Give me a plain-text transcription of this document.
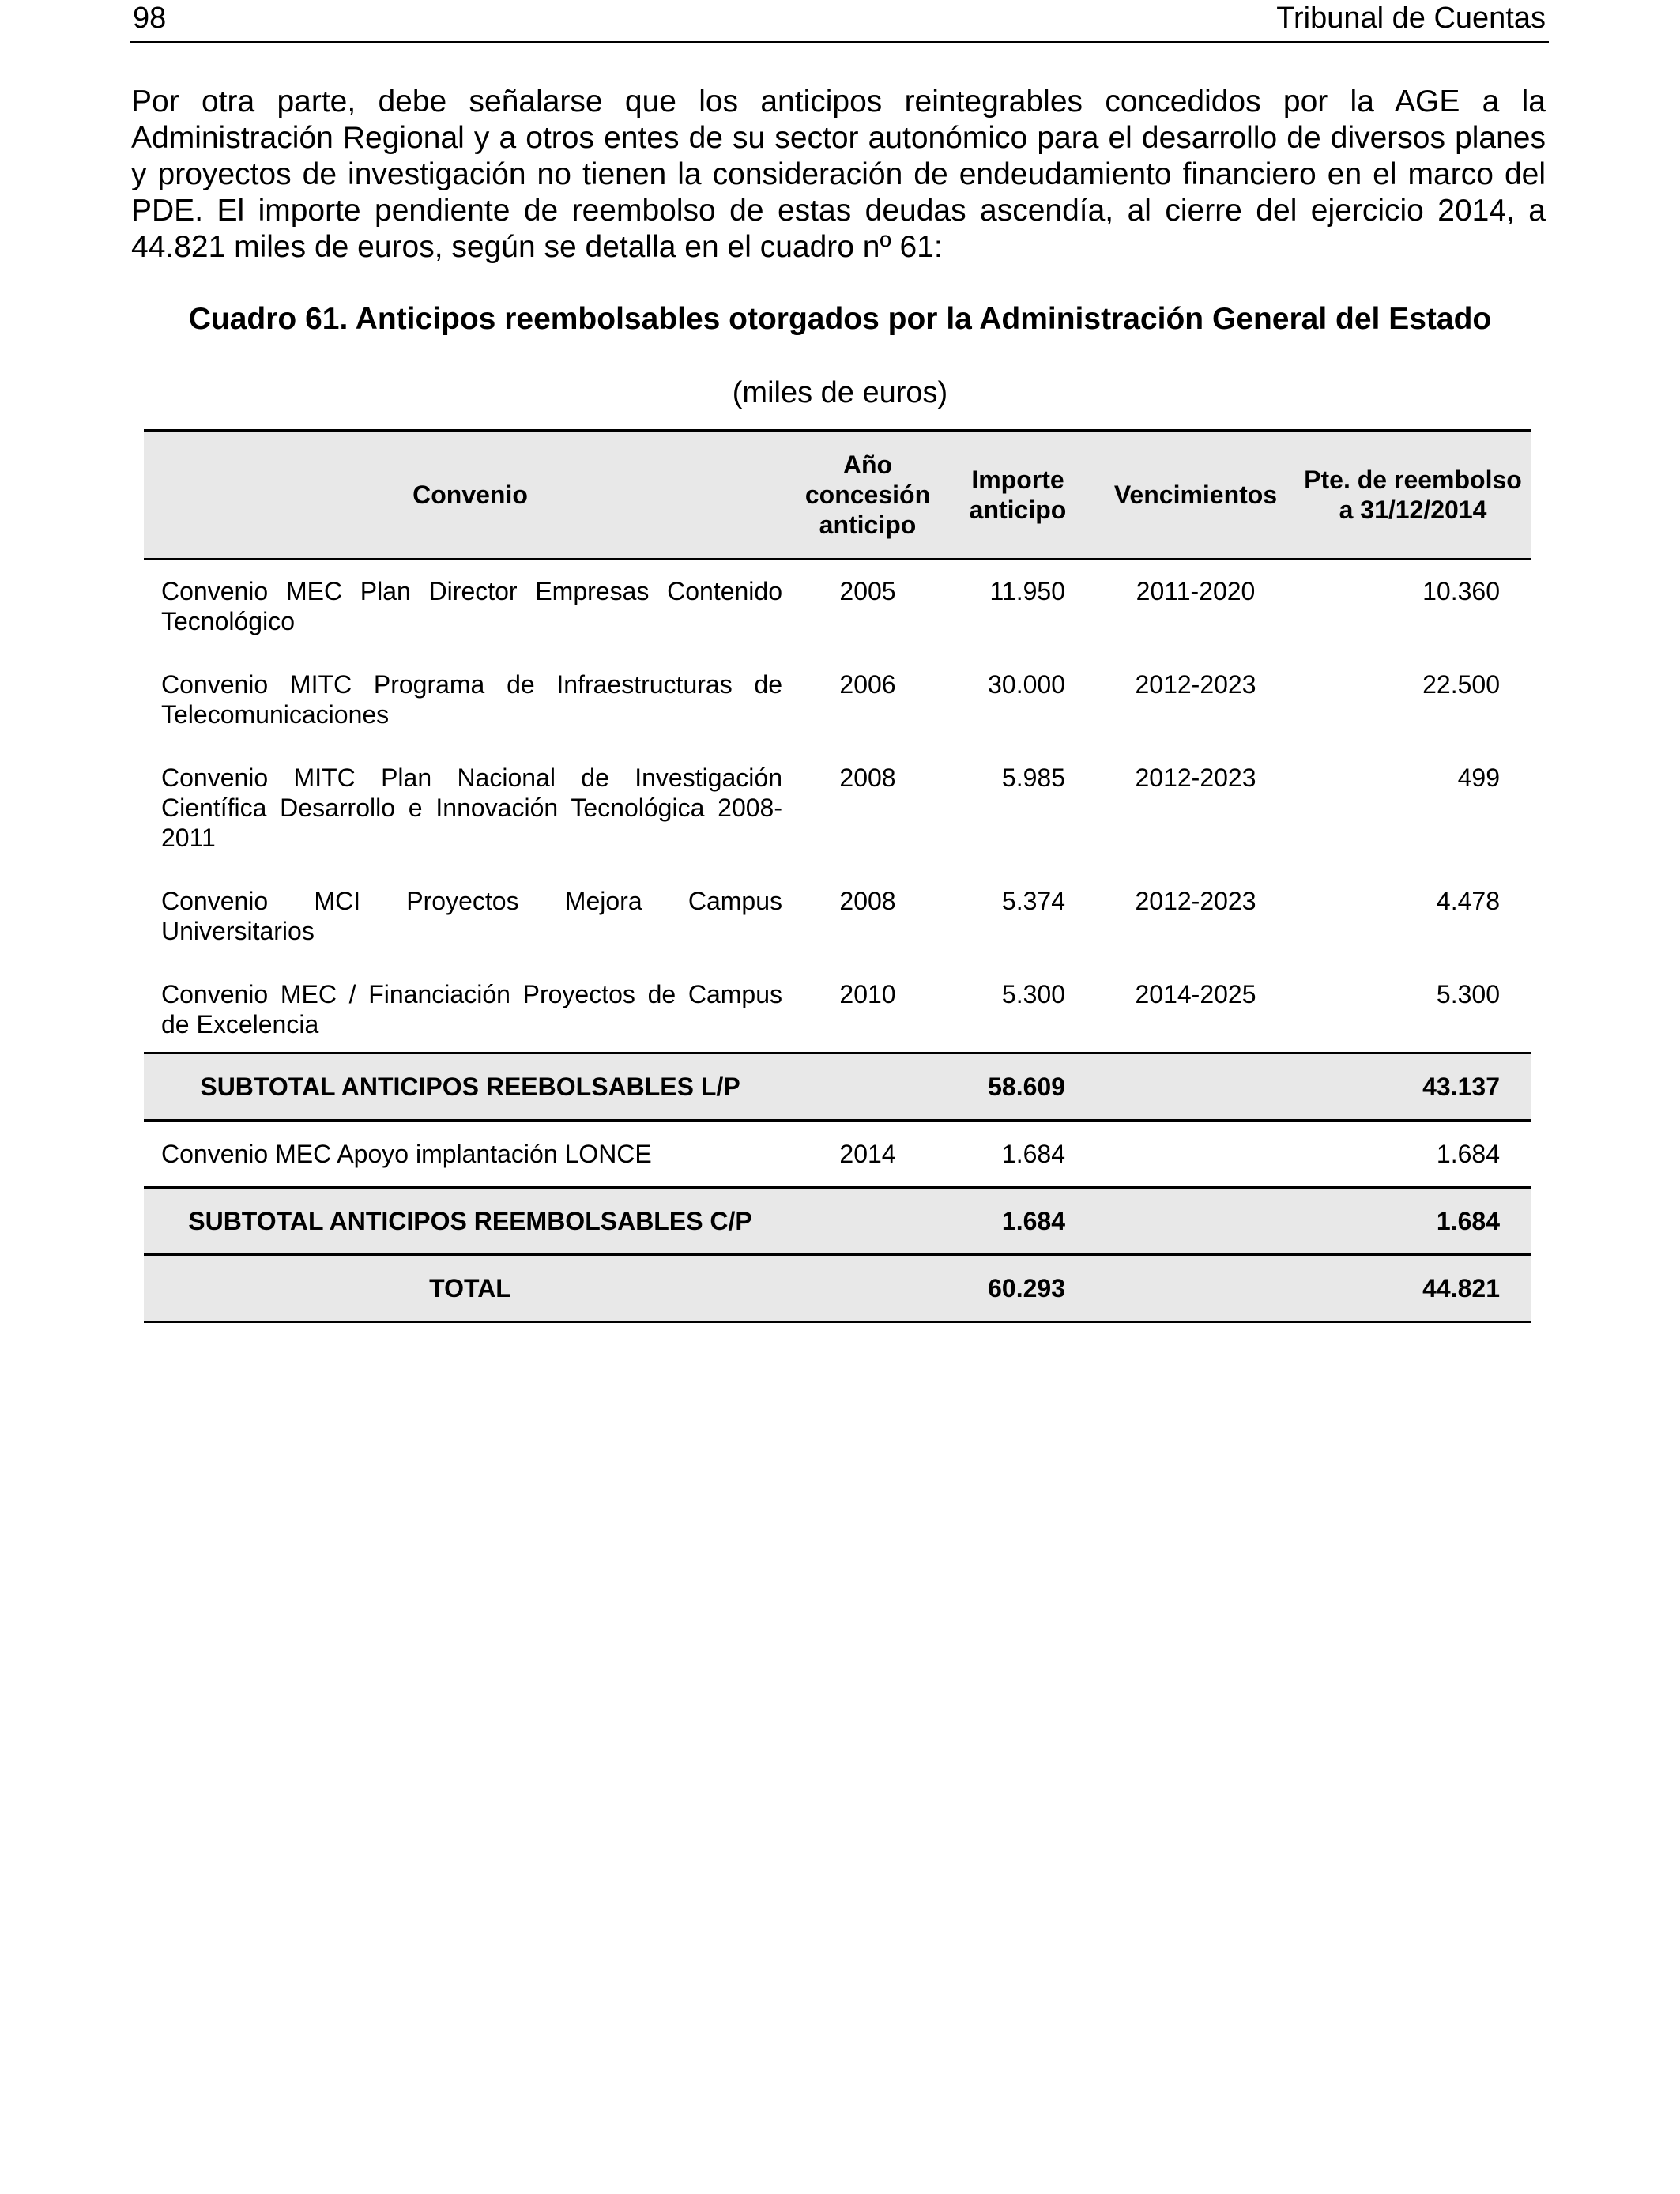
98	Tribunal de Cuentas

Por otra parte, debe señalarse que los anticipos reintegrables concedidos por la AGE a la Administración Regional y a otros entes de su sector autonómico para el desarrollo de diversos planes y proyectos de investigación no tienen la consideración de endeudamiento financiero en el marco del PDE. El importe pendiente de reembolso de estas deudas ascendía, al cierre del ejercicio 2014, a 44.821 miles de euros, según se detalla en el cuadro nº 61:

Cuadro 61. Anticipos reembolsables otorgados por la Administración General del Estado

(miles de euros)

Convenio	Año concesión anticipo	Importe anticipo	Vencimientos	Pte. de reembolso a 31/12/2014
Convenio MEC Plan Director Empresas Contenido Tecnológico	2005	11.950	2011-2020	10.360
Convenio MITC Programa de Infraestructuras de Telecomunicaciones	2006	30.000	2012-2023	22.500
Convenio MITC Plan Nacional de Investigación Científica Desarrollo e Innovación Tecnológica 2008- 2011	2008	5.985	2012-2023	499
Convenio MCI Proyectos Mejora Campus Universitarios	2008	5.374	2012-2023	4.478
Convenio MEC / Financiación Proyectos de Campus de Excelencia	2010	5.300	2014-2025	5.300
SUBTOTAL ANTICIPOS REEBOLSABLES L/P		58.609		43.137
Convenio MEC Apoyo implantación LONCE	2014	1.684		1.684
SUBTOTAL ANTICIPOS REEMBOLSABLES C/P		1.684		1.684
TOTAL		60.293		44.821
